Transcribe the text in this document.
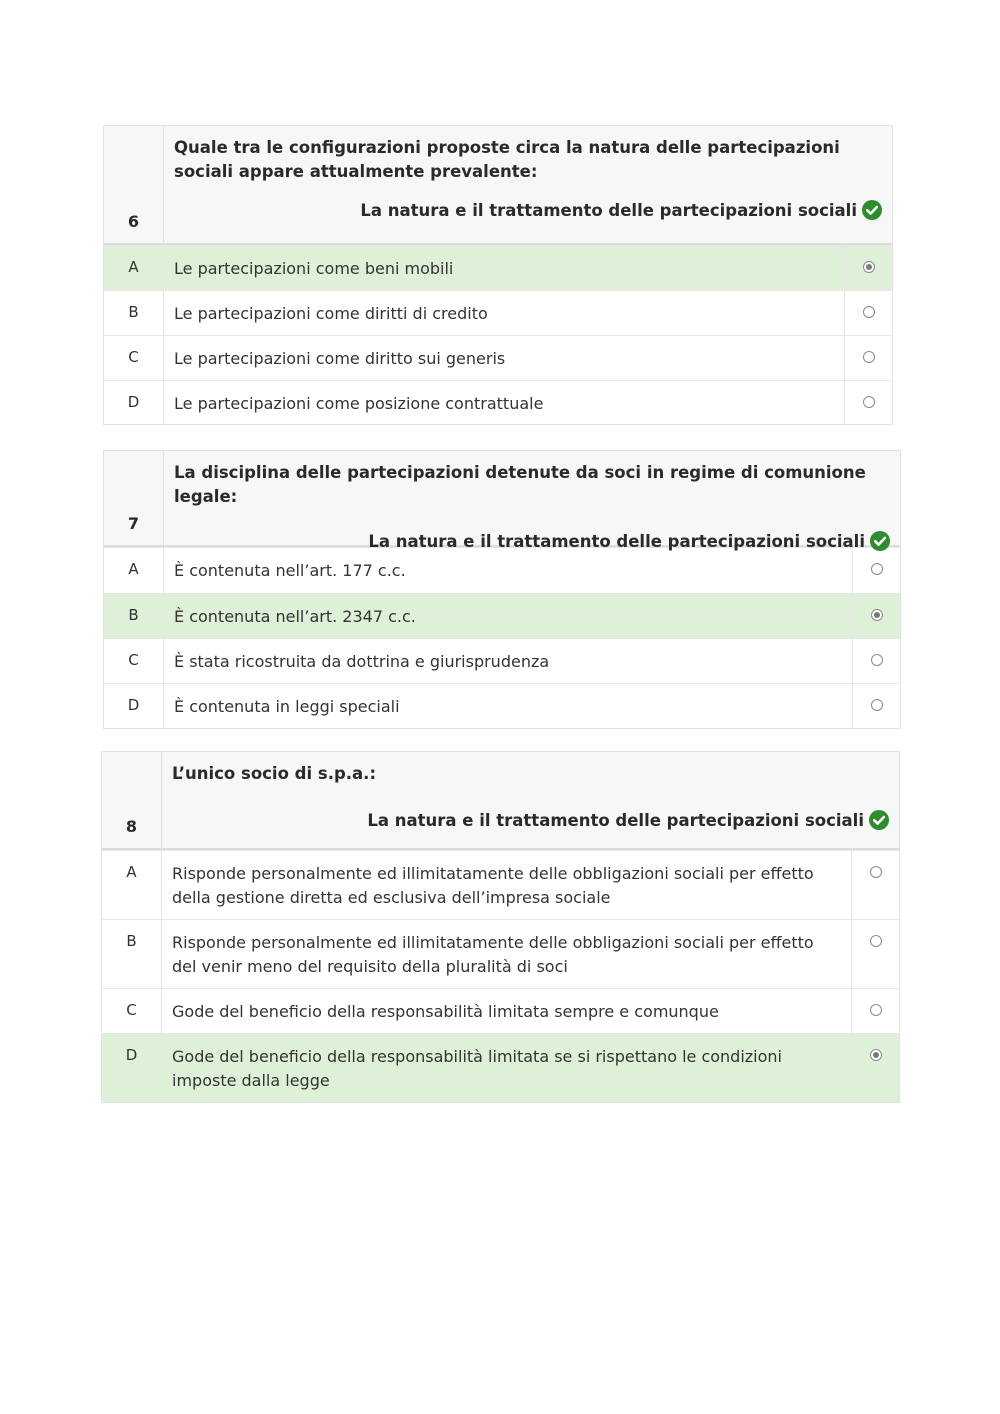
6
Quale tra le configurazioni proposte circa la natura delle partecipazioni sociali appare attualmente prevalente:
La natura e il trattamento delle partecipazioni sociali
A	Le partecipazioni come beni mobili
B	Le partecipazioni come diritti di credito
C	Le partecipazioni come diritto sui generis
D	Le partecipazioni come posizione contrattuale
7
La disciplina delle partecipazioni detenute da soci in regime di comunione legale:
La natura e il trattamento delle partecipazioni sociali
A	È contenuta nell’art. 177 c.c.
B	È contenuta nell’art. 2347 c.c.
C	È stata ricostruita da dottrina e giurisprudenza
D	È contenuta in leggi speciali
8
L’unico socio di s.p.a.:
La natura e il trattamento delle partecipazioni sociali
A	Risponde personalmente ed illimitatamente delle obbligazioni sociali per effetto della gestione diretta ed esclusiva dell’impresa sociale
B	Risponde personalmente ed illimitatamente delle obbligazioni sociali per effetto del venir meno del requisito della pluralità di soci
C	Gode del beneficio della responsabilità limitata sempre e comunque
D	Gode del beneficio della responsabilità limitata se si rispettano le condizioni imposte dalla legge
